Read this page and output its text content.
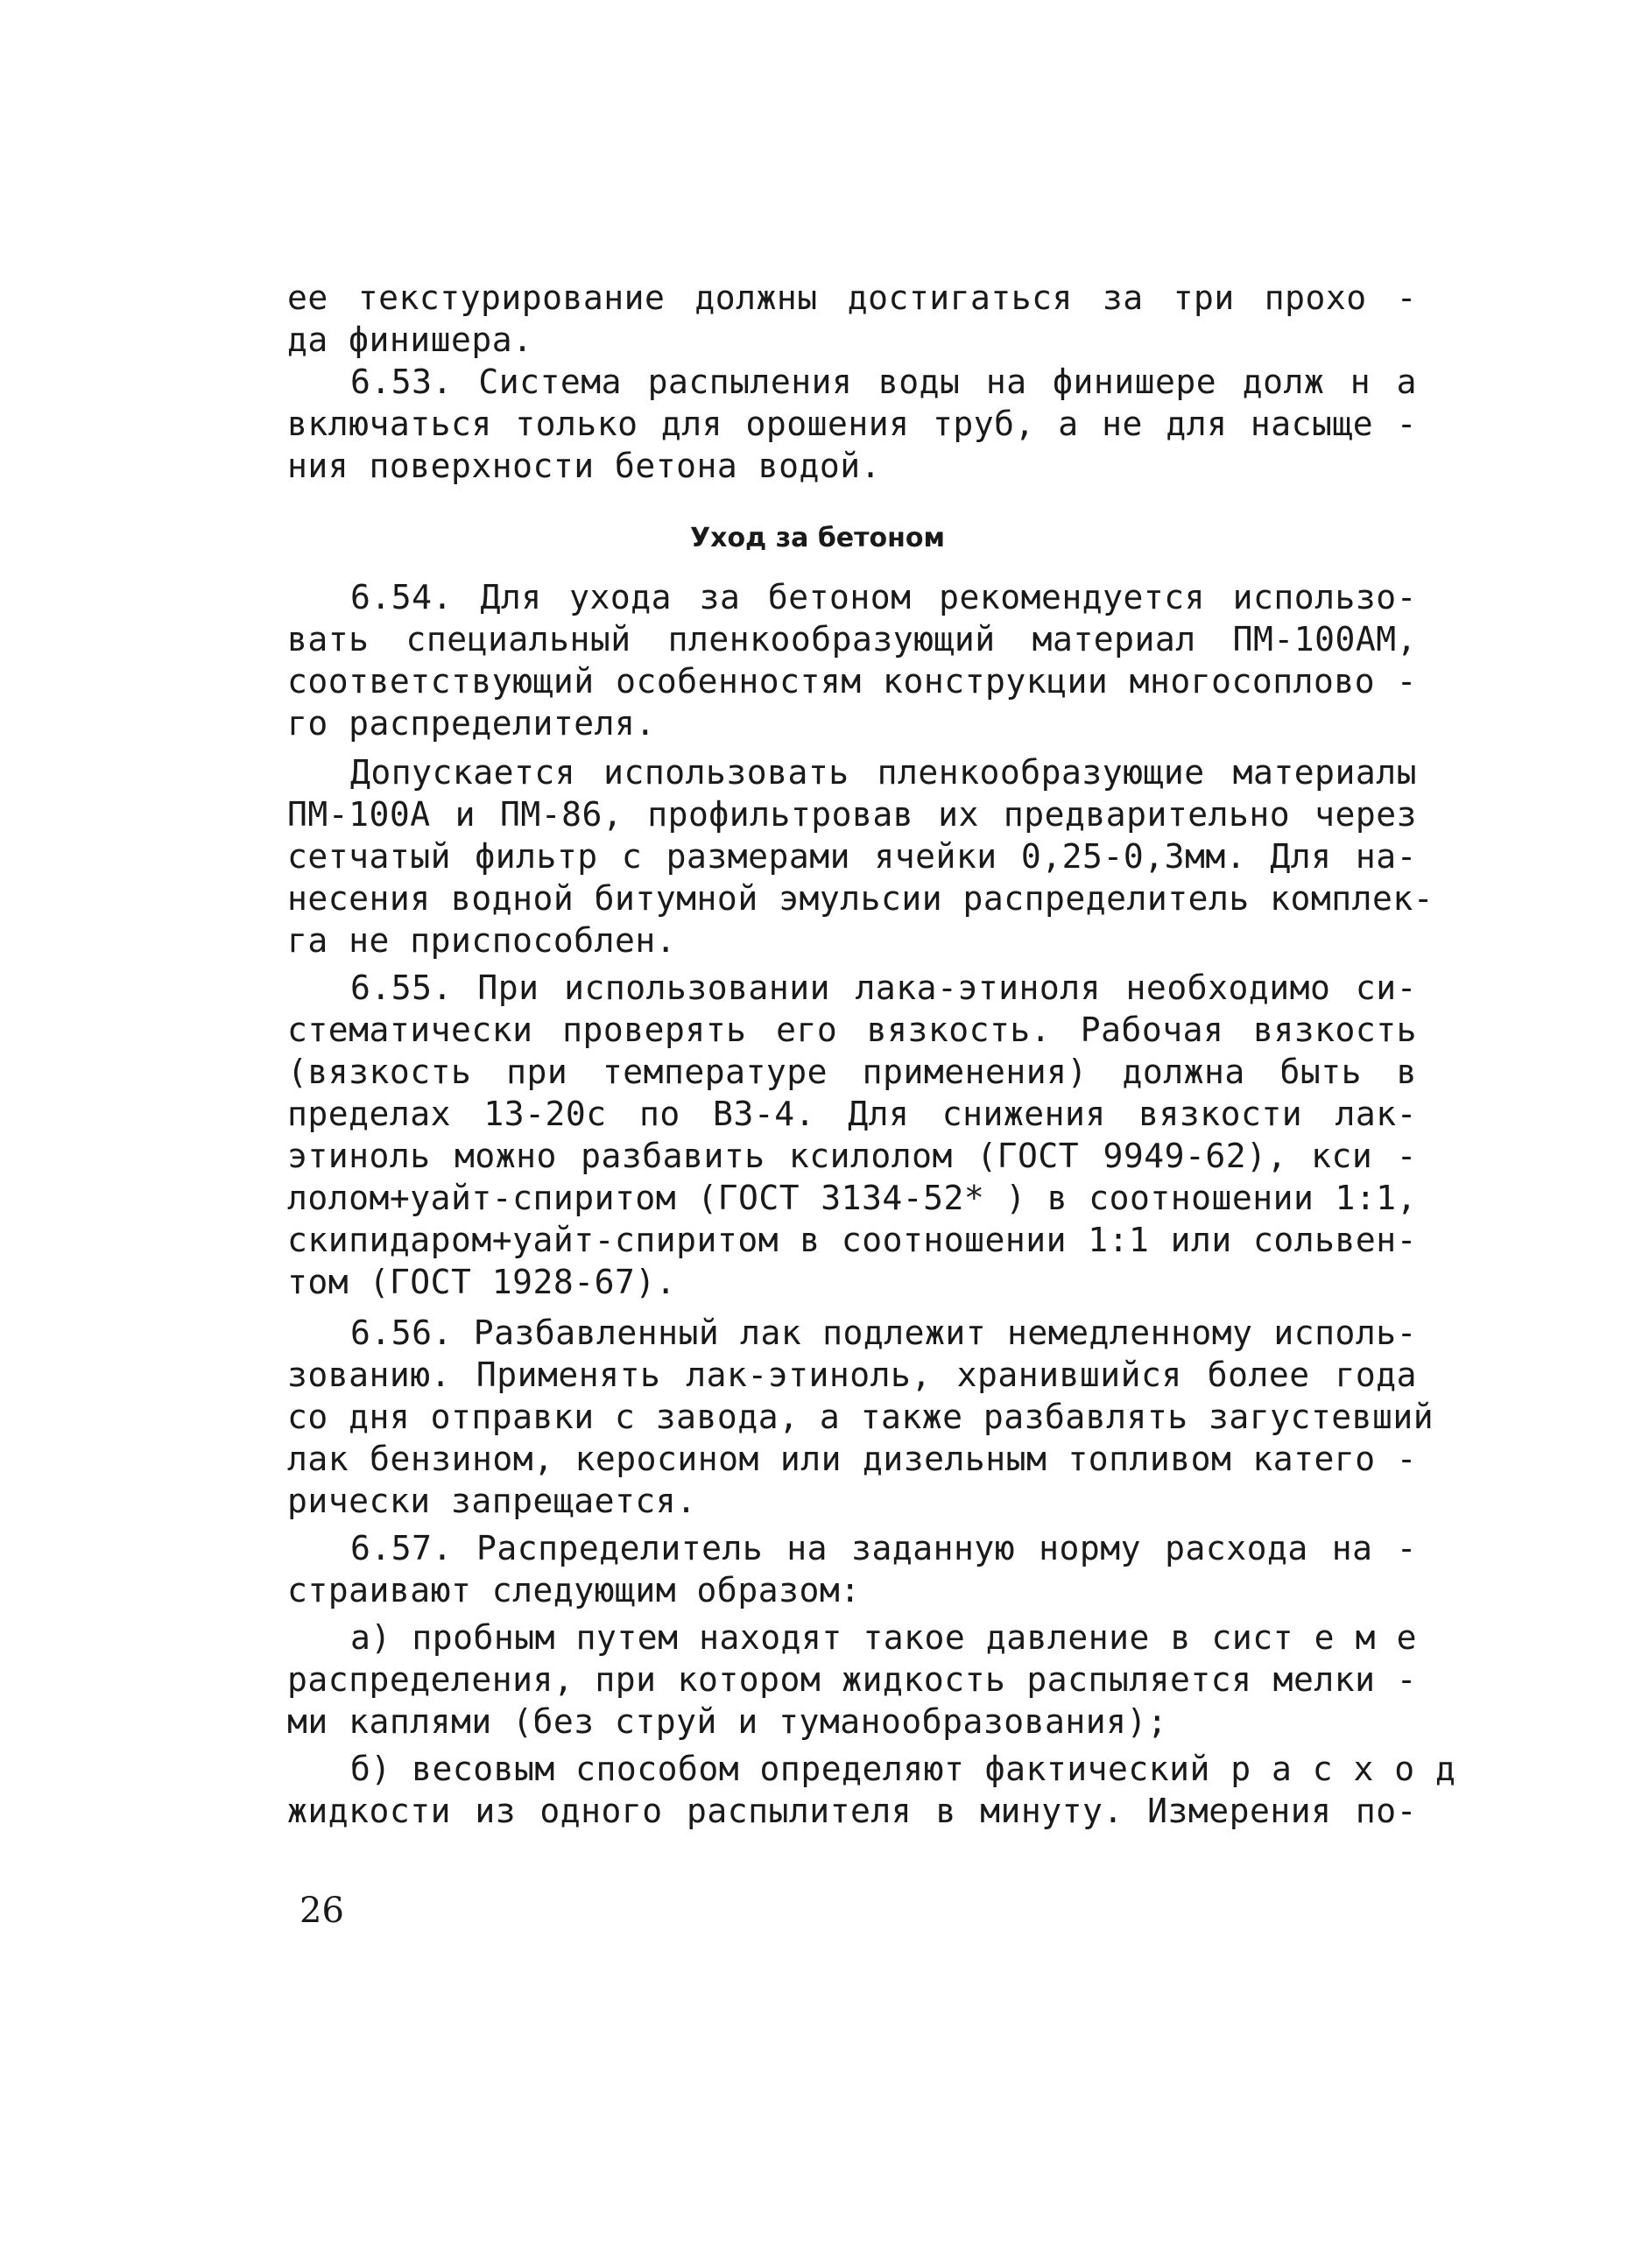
ее текстурирование должны достигаться за три прохо -
да финишера.
6.53. Система распыления воды на финишере долж н а
включаться только для орошения труб, а не для насыще -
ния поверхности бетона водой.
Уход за бетоном
6.54. Для ухода за бетоном рекомендуется использо-
вать специальный пленкообразующий материал ПМ-100АМ,
соответствующий особенностям конструкции многосоплово -
го распределителя.
Допускается использовать пленкообразующие материалы
ПМ-100А и ПМ-86, профильтровав их предварительно через
сетчатый фильтр с размерами ячейки 0,25-0,3мм. Для на-
несения водной битумной эмульсии распределитель комплек-
га не приспособлен.
6.55. При использовании лака-этиноля необходимо си-
стематически проверять его вязкость. Рабочая вязкость
(вязкость при температуре применения) должна быть в
пределах 13-20с по ВЗ-4. Для снижения вязкости лак-
этиноль можно разбавить ксилолом (ГОСТ 9949-62), кси -
лолом+уайт-спиритом (ГОСТ 3134-52* ) в соотношении 1:1,
скипидаром+уайт-спиритом в соотношении 1:1 или сольвен-
том (ГОСТ 1928-67).
6.56. Разбавленный лак подлежит немедленному исполь-
зованию. Применять лак-этиноль, хранившийся более года
со дня отправки с завода, а также разбавлять загустевший
лак бензином, керосином или дизельным топливом катего -
рически запрещается.
6.57. Распределитель на заданную норму расхода на -
страивают следующим образом:
а) пробным путем находят такое давление в сист е м е
распределения, при котором жидкость распыляется мелки -
ми каплями (без струй и туманообразования);
б) весовым способом определяют фактический р а с х о д
жидкости из одного распылителя в минуту. Измерения по-
26
